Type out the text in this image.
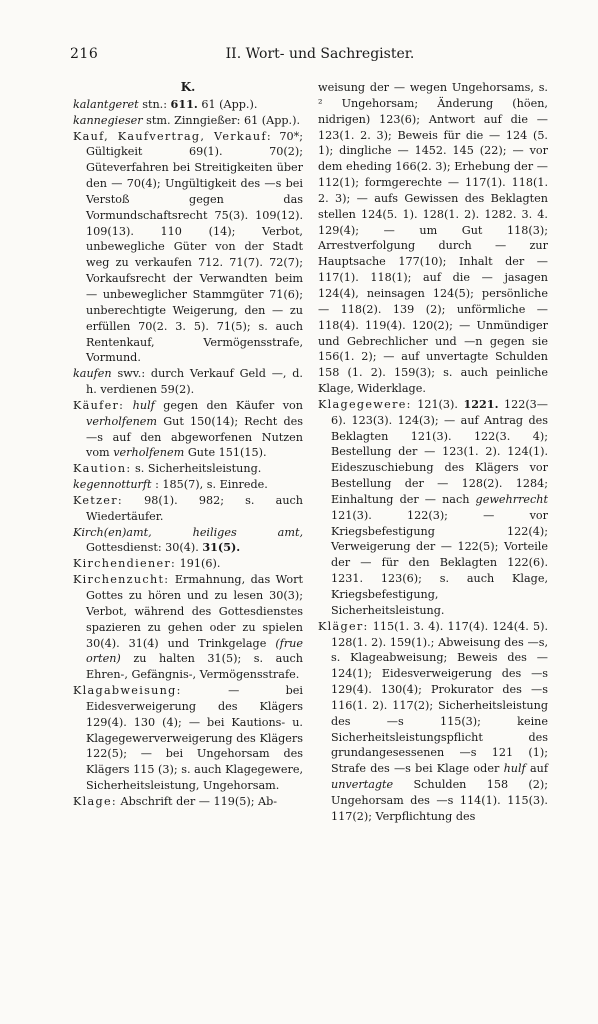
216	II. Wort- und Sachregister.

K.

kalantgeret stn.: 611. 61 (App.).

kannegieser stm. Zinngießer: 61 (App.).

Kauf, Kaufvertrag, Verkauf: 70*; Gültigkeit 69(1). 70(2); Güteverfahren bei Streitigkeiten über den — 70(4); Ungültigkeit des —s bei Verstoß gegen das Vormundschaftsrecht 75(3). 109(12). 109(13). 110 (14); Verbot, unbewegliche Güter von der Stadt weg zu verkaufen 712. 71(7). 72(7); Vorkaufsrecht der Verwandten beim — unbeweglicher Stammgüter 71(6); unberechtigte Weigerung, den — zu erfüllen 70(2. 3. 5). 71(5); s. auch Rentenkauf, Vermögensstrafe, Vormund.

kaufen swv.: durch Verkauf Geld —, d. h. verdienen 59(2).

Käufer: hulf gegen den Käufer von verholfenem Gut 150(14); Recht des —s auf den abgeworfenen Nutzen vom verholfenem Gute 151(15).

Kaution: s. Sicherheitsleistung.

kegennotturft : 185(7), s. Einrede.

Ketzer: 98(1). 982; s. auch Wiedertäufer.

Kirch(en)amt, heiliges amt, Gottesdienst: 30(4). 31(5).

Kirchendiener: 191(6).

Kirchenzucht: Ermahnung, das Wort Gottes zu hören und zu lesen 30(3); Verbot, während des Gottesdienstes spazieren zu gehen oder zu spielen 30(4). 31(4) und Trinkgelage (frue orten) zu halten 31(5); s. auch Ehren-, Gefängnis-, Vermögensstrafe.

Klagabweisung:	— bei Eidesverweigerung des Klägers 129(4). 130 (4); — bei Kautions- u. Klagegewerverweigerung des Klägers 122(5); — bei Ungehorsam des Klägers 115 (3); s. auch Klagegewere, Sicherheitsleistung, Ungehorsam.

Klage: Abschrift der — 119(5); Ab-

weisung der — wegen Ungehorsams, s. ² Ungehorsam; Änderung (höen, nidrigen) 123(6); Antwort auf die — 123(1. 2. 3); Beweis für die — 124 (5. 1); dingliche — 1452. 145 (22); — vor dem eheding 166(2. 3); Erhebung der — 112(1); formgerechte — 117(1). 118(1. 2. 3); — aufs Gewissen des Beklagten stellen 124(5. 1). 128(1. 2). 1282. 3. 4. 129(4); — um Gut 118(3); Arrestverfolgung durch — zur Hauptsache 177(10); Inhalt der — 117(1). 118(1); auf die — jasagen 124(4), neinsagen 124(5); persönliche — 118(2). 139 (2); unförmliche — 118(4). 119(4). 120(2); — Unmündiger und Gebrechlicher und —n gegen sie 156(1. 2); — auf unvertagte Schulden 158 (1. 2). 159(3); s. auch peinliche Klage, Widerklage.

Klagegewere: 121(3). 1221. 122(3—6). 123(3). 124(3); — auf Antrag des Beklagten 121(3). 122(3. 4); Bestellung der — 123(1. 2). 124(1). Eideszuschiebung des Klägers vor Bestellung der — 128(2). 1284; Einhaltung der — nach gewehrrecht 121(3). 122(3); — vor Kriegsbefestigung 122(4); Verweigerung der — 122(5); Vorteile der — für den Beklagten 122(6). 1231. 123(6); s. auch Klage, Kriegsbefestigung, Sicherheitsleistung.

Kläger: 115(1. 3. 4). 117(4). 124(4. 5). 128(1. 2). 159(1).; Abweisung des —s, s. Klageabweisung; Beweis des — 124(1); Eidesverweigerung des —s 129(4). 130(4); Prokurator des —s 116(1. 2). 117(2); Sicherheitsleistung des —s 115(3); keine Sicherheitsleistungspflicht des grundangesessenen —s 121 (1); Strafe des —s bei Klage oder hulf auf unvertagte Schulden 158 (2); Ungehorsam des —s 114(1). 115(3). 117(2); Verpflichtung des
